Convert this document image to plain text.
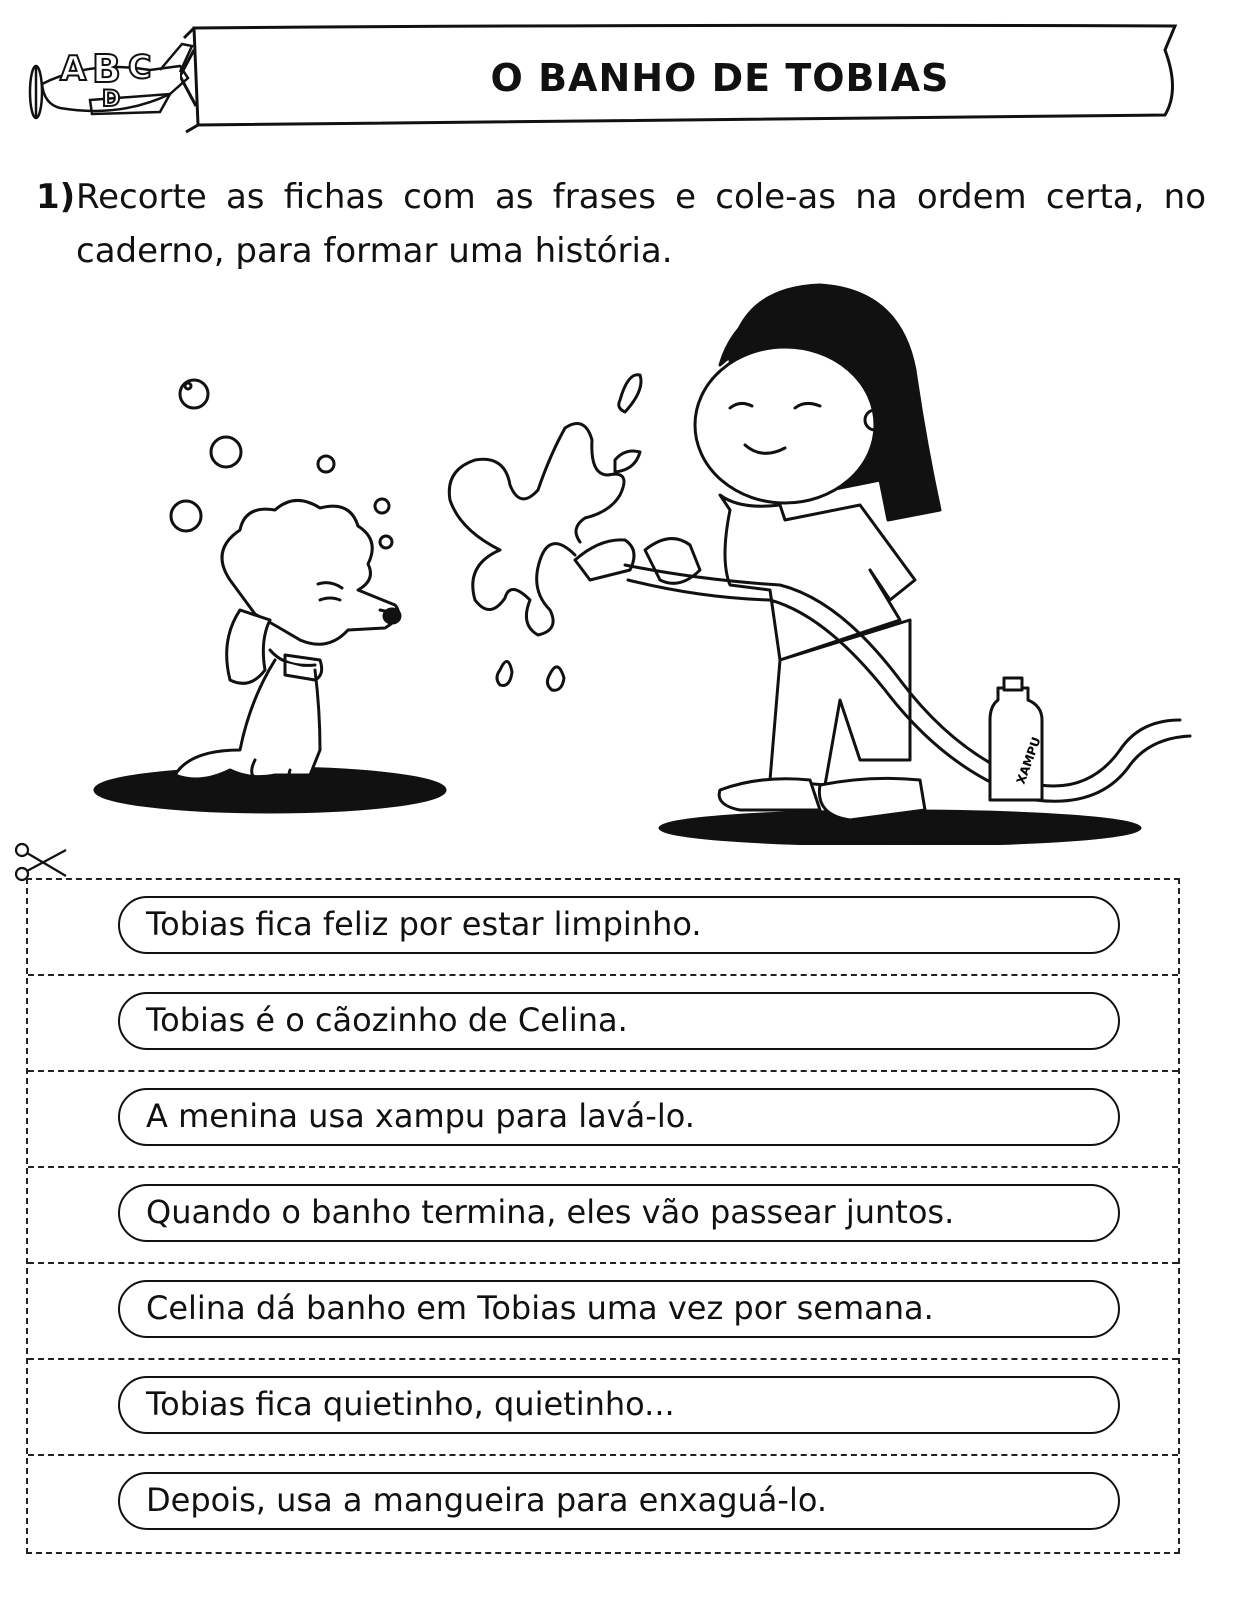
A B C
D	O BANHO DE TOBIAS
1) Recorte as fichas com as frases e cole-as na ordem certa, no caderno, para formar uma história.
XAMPU
Tobias fica feliz por estar limpinho.
Tobias é o cãozinho de Celina.
A menina usa xampu para lavá-lo.
Quando o banho termina, eles vão passear juntos.
Celina dá banho em Tobias uma vez por semana.
Tobias fica quietinho, quietinho...
Depois, usa a mangueira para enxaguá-lo.
